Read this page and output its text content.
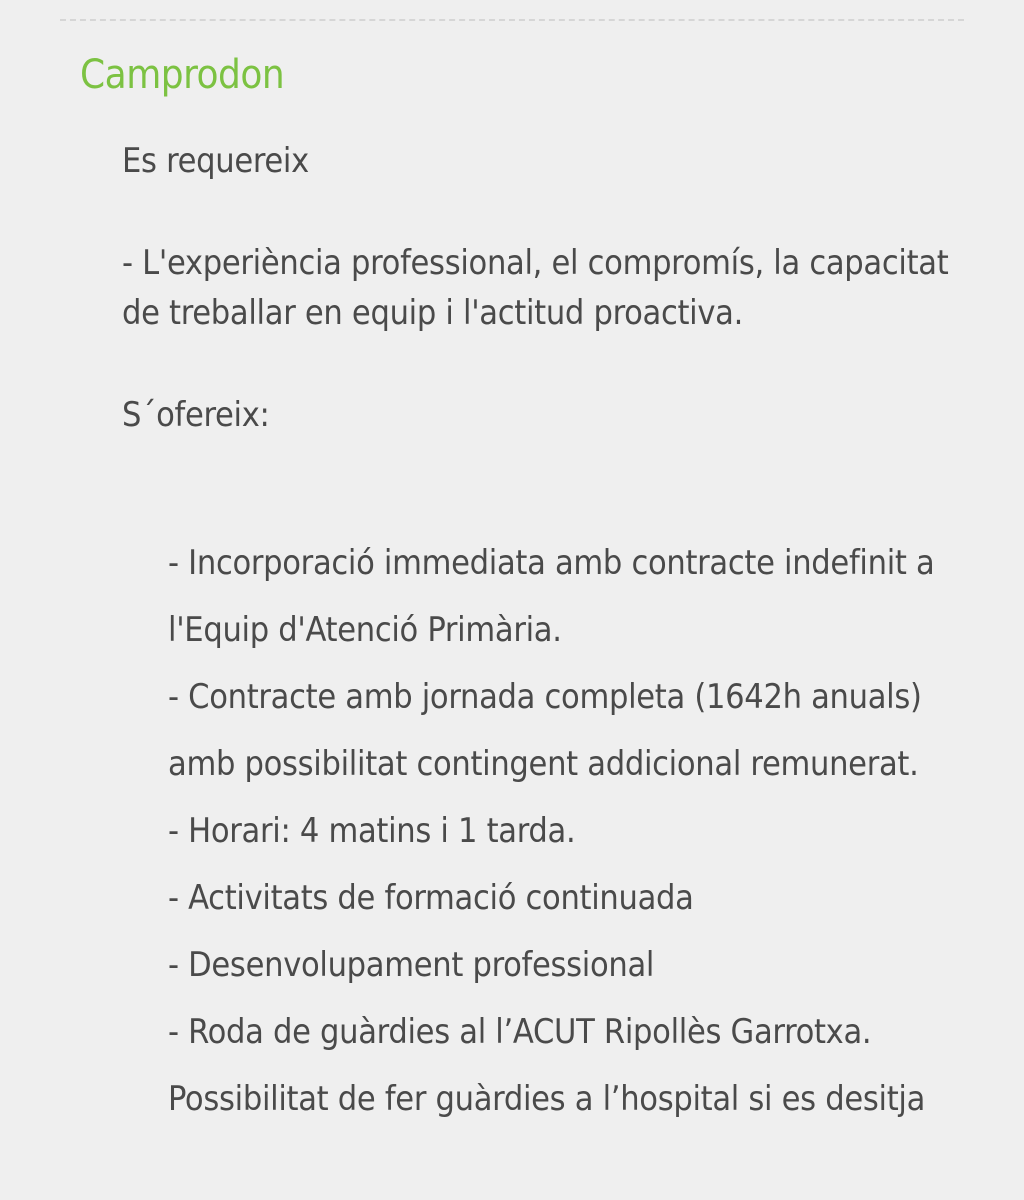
Camprodon

Es requereix

- L'experiència professional, el compromís, la capacitat de treballar en equip i l'actitud proactiva.

S´ofereix:

- Incorporació immediata amb contracte indefinit a l'Equip d'Atenció Primària.
- Contracte amb jornada completa (1642h anuals) amb possibilitat contingent addicional remunerat.
- Horari: 4 matins i 1 tarda.
- Activitats de formació continuada
- Desenvolupament professional
- Roda de guàrdies al l’ACUT Ripollès Garrotxa. Possibilitat de fer guàrdies a l’hospital si es desitja
